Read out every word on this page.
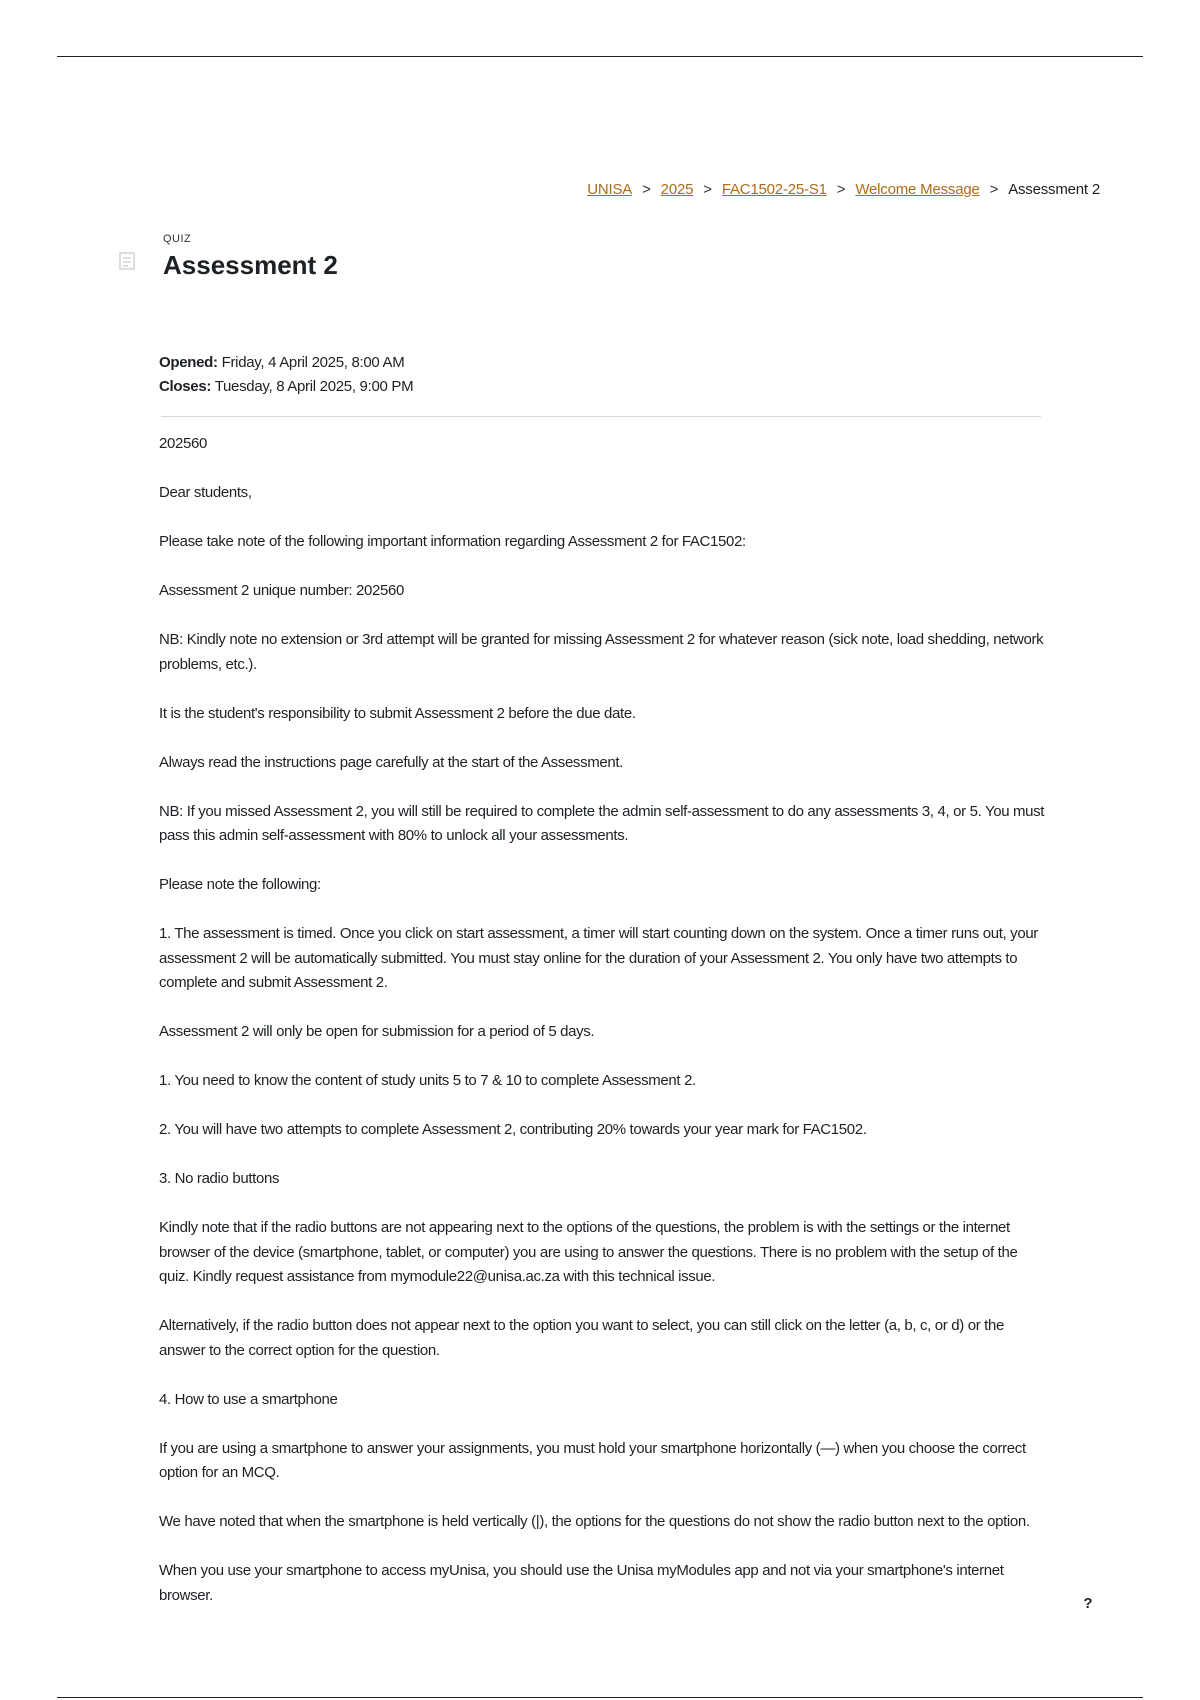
UNISA > 2025 > FAC1502-25-S1 > Welcome Message > Assessment 2
QUIZ
Assessment 2
Opened: Friday, 4 April 2025, 8:00 AM
Closes: Tuesday, 8 April 2025, 9:00 PM

202560

Dear students,

Please take note of the following important information regarding Assessment 2 for FAC1502:

Assessment 2 unique number: 202560

NB: Kindly note no extension or 3rd attempt will be granted for missing Assessment 2 for whatever reason (sick note, load shedding, network problems, etc.).

It is the student's responsibility to submit Assessment 2 before the due date.

Always read the instructions page carefully at the start of the Assessment.

NB: If you missed Assessment 2, you will still be required to complete the admin self-assessment to do any assessments 3, 4, or 5. You must pass this admin self-assessment with 80% to unlock all your assessments.

Please note the following:

1. The assessment is timed. Once you click on start assessment, a timer will start counting down on the system. Once a timer runs out, your assessment 2 will be automatically submitted. You must stay online for the duration of your Assessment 2. You only have two attempts to complete and submit Assessment 2.

Assessment 2 will only be open for submission for a period of 5 days.

1. You need to know the content of study units 5 to 7 & 10 to complete Assessment 2.

2. You will have two attempts to complete Assessment 2, contributing 20% towards your year mark for FAC1502.

3. No radio buttons

Kindly note that if the radio buttons are not appearing next to the options of the questions, the problem is with the settings or the internet browser of the device (smartphone, tablet, or computer) you are using to answer the questions. There is no problem with the setup of the quiz. Kindly request assistance from mymodule22@unisa.ac.za with this technical issue.

Alternatively, if the radio button does not appear next to the option you want to select, you can still click on the letter (a, b, c, or d) or the answer to the correct option for the question.

4. How to use a smartphone

If you are using a smartphone to answer your assignments, you must hold your smartphone horizontally (—) when you choose the correct option for an MCQ.

We have noted that when the smartphone is held vertically (|), the options for the questions do not show the radio button next to the option.

When you use your smartphone to access myUnisa, you should use the Unisa myModules app and not via your smartphone's internet browser.	?
